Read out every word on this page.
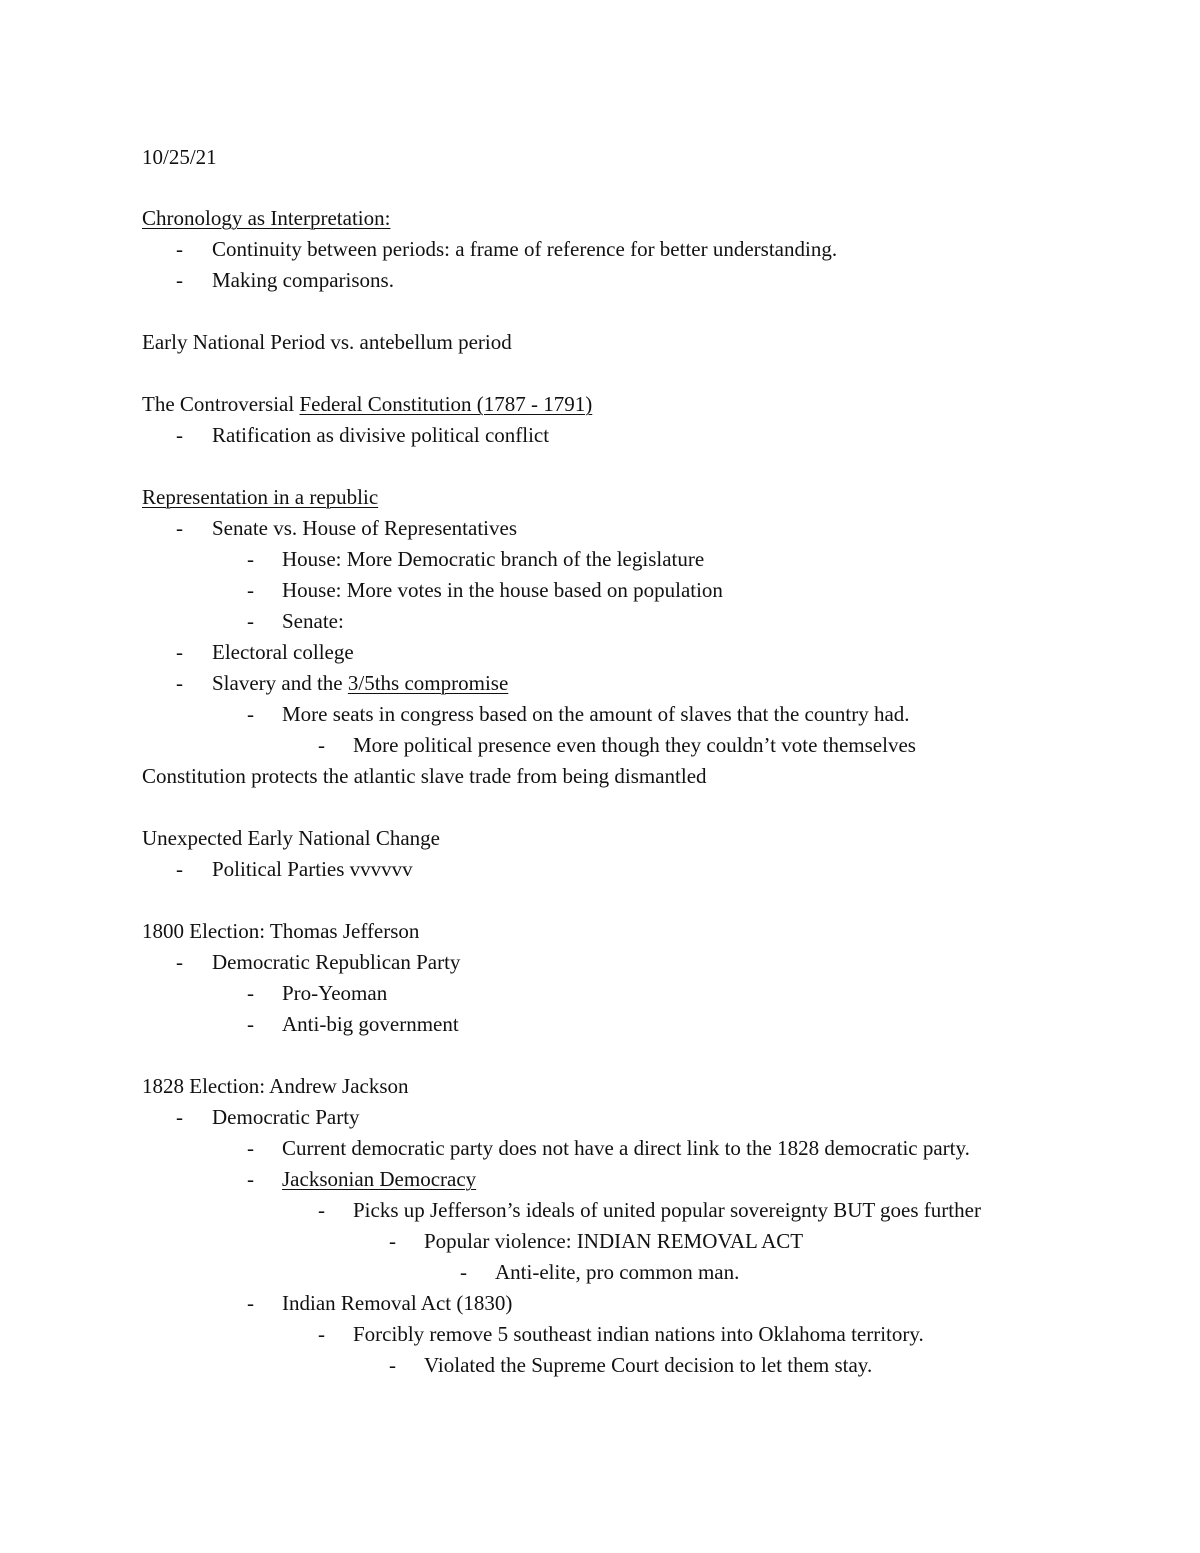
10/25/21
Chronology as Interpretation:
- Continuity between periods: a frame of reference for better understanding.
- Making comparisons.
Early National Period vs. antebellum period
The Controversial Federal Constitution (1787 - 1791)
- Ratification as divisive political conflict
Representation in a republic
- Senate vs. House of Representatives
- House: More Democratic branch of the legislature
- House: More votes in the house based on population
- Senate:
- Electoral college
- Slavery and the 3/5ths compromise
- More seats in congress based on the amount of slaves that the country had.
- More political presence even though they couldn’t vote themselves
Constitution protects the atlantic slave trade from being dismantled
Unexpected Early National Change
- Political Parties vvvvvv
1800 Election: Thomas Jefferson
- Democratic Republican Party
- Pro-Yeoman
- Anti-big government
1828 Election: Andrew Jackson
- Democratic Party
- Current democratic party does not have a direct link to the 1828 democratic party.
- Jacksonian Democracy
- Picks up Jefferson’s ideals of united popular sovereignty BUT goes further
- Popular violence: INDIAN REMOVAL ACT
- Anti-elite, pro common man.
- Indian Removal Act (1830)
- Forcibly remove 5 southeast indian nations into Oklahoma territory.
- Violated the Supreme Court decision to let them stay.
